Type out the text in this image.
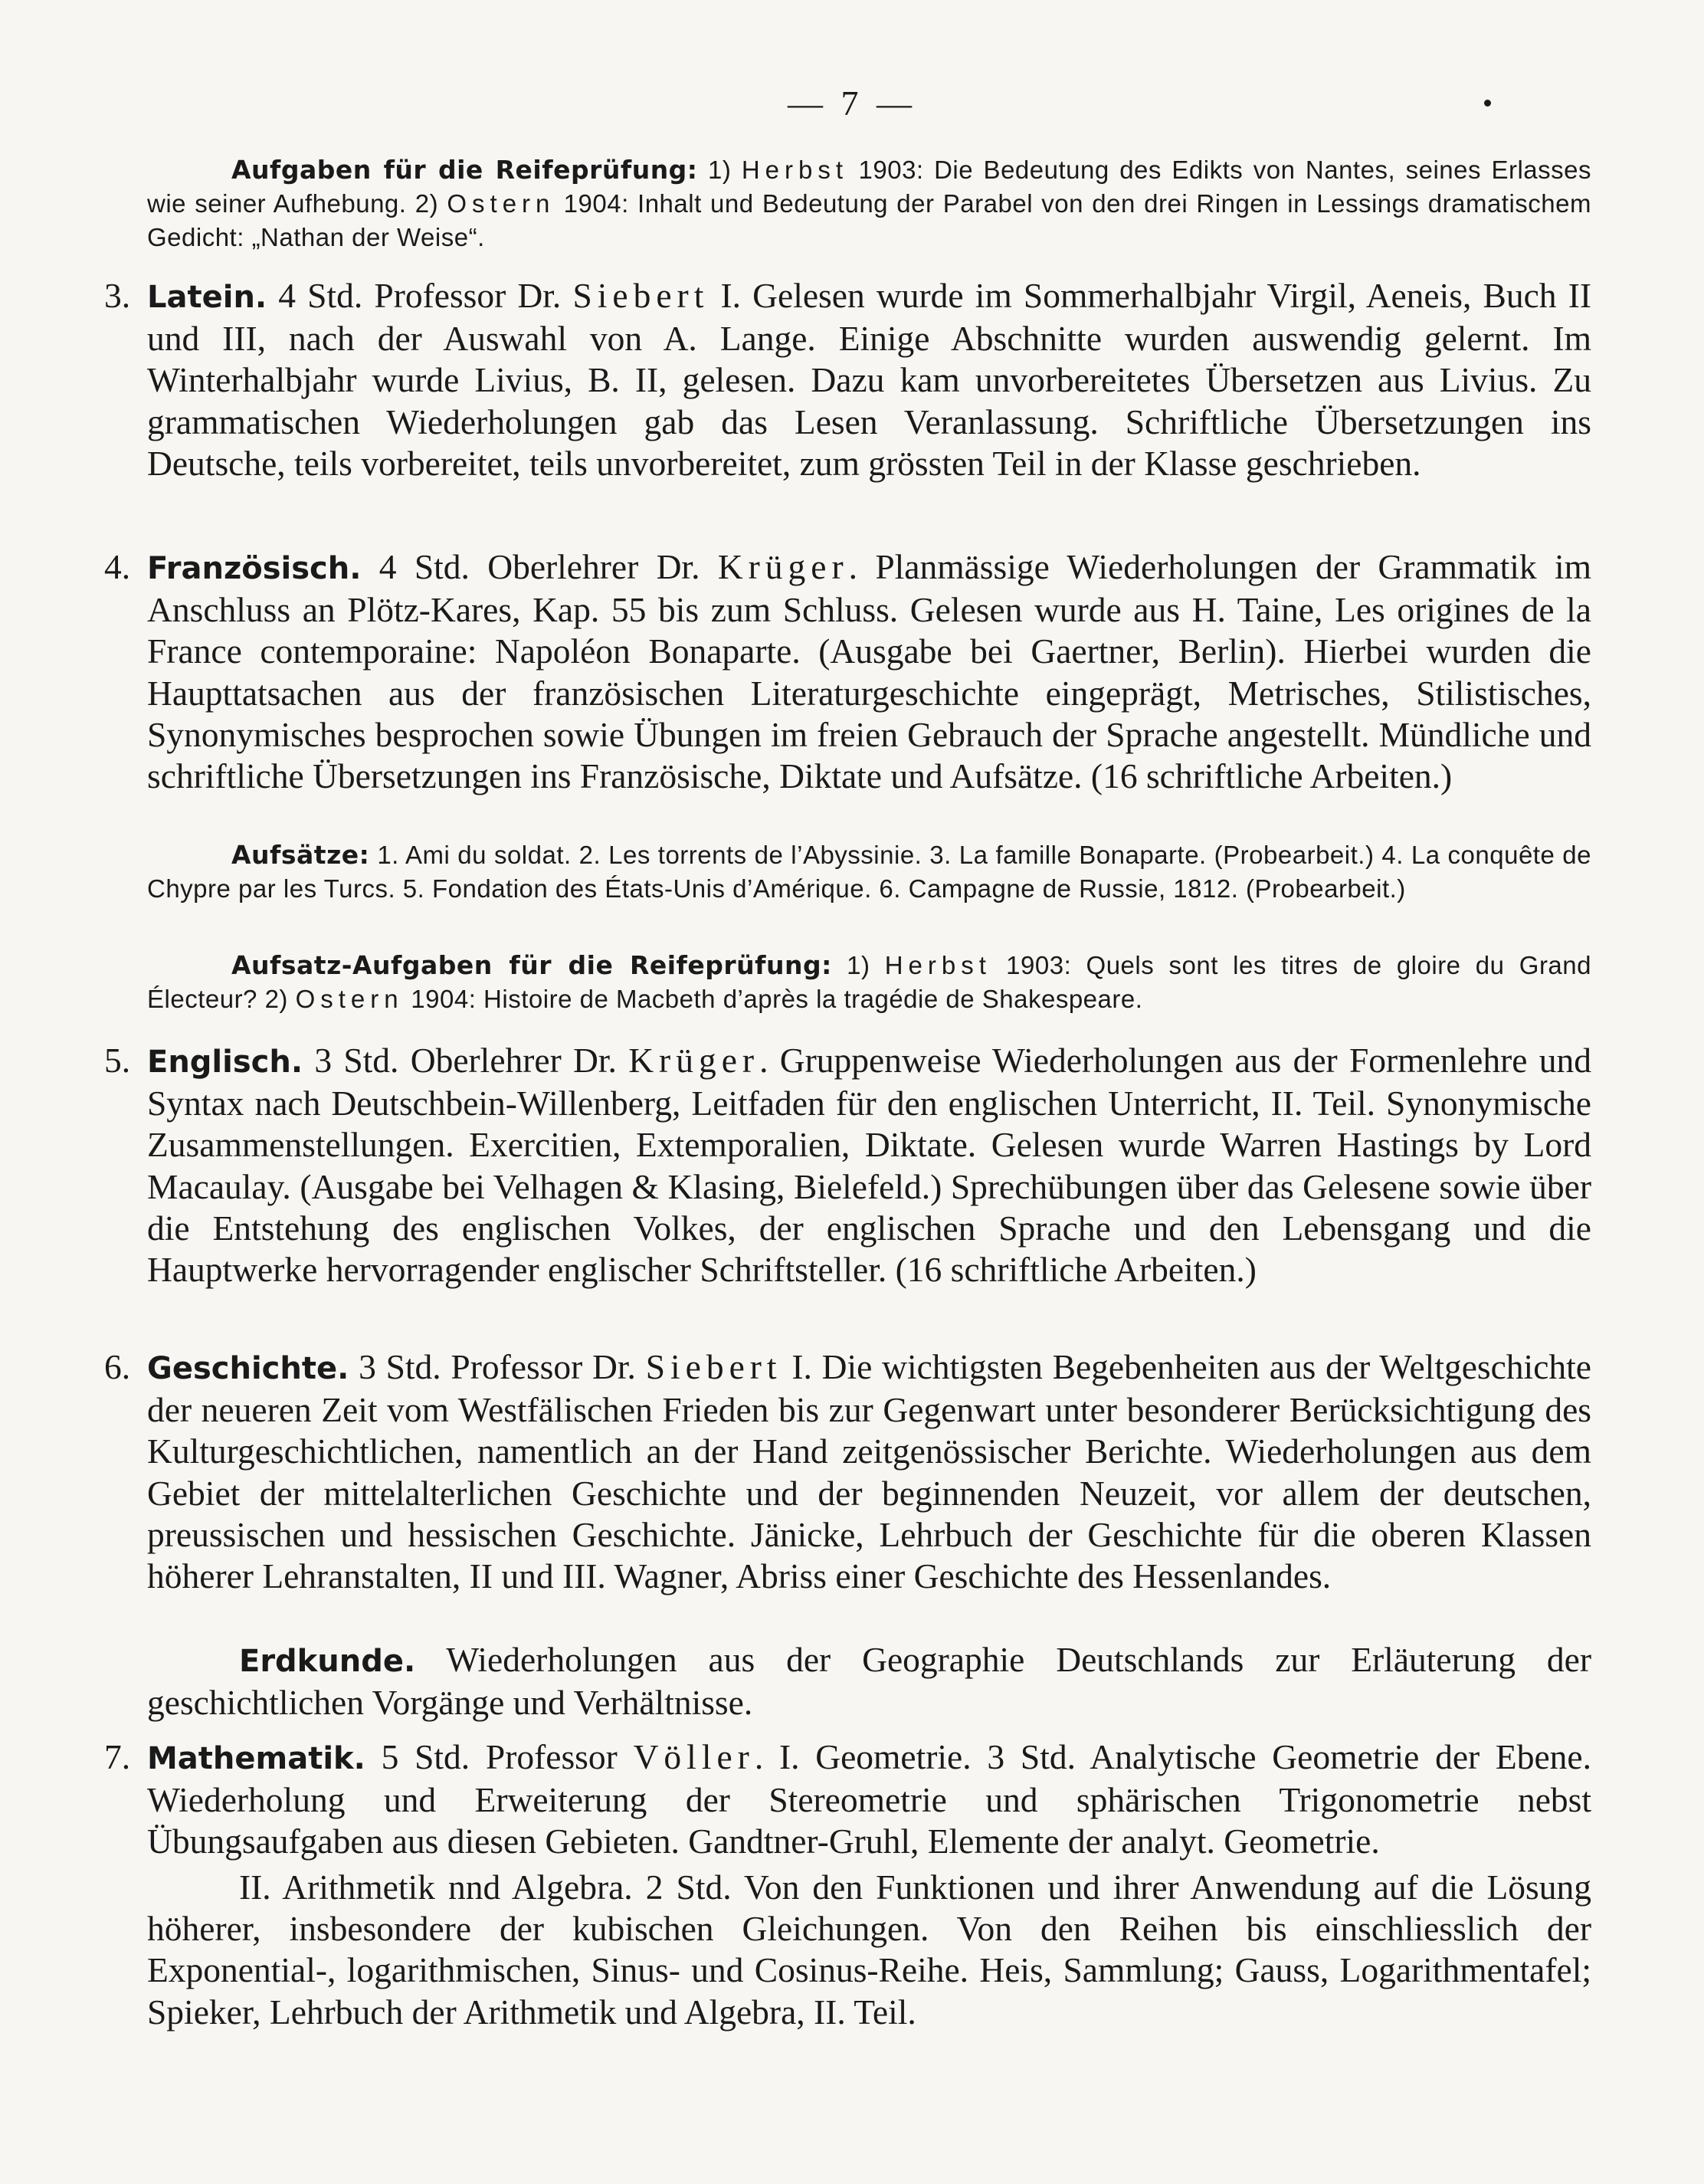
— 7 —

Aufgaben für die Reifeprüfung: 1) Herbst 1903: Die Bedeutung des Edikts von Nantes, seines Erlasses wie seiner Aufhebung. 2) Ostern 1904: Inhalt und Bedeutung der Parabel von den drei Ringen in Lessings dramatischem Gedicht: „Nathan der Weise“.

3. Latein. 4 Std. Professor Dr. Siebert I. Gelesen wurde im Sommerhalbjahr Virgil, Aeneis, Buch II und III, nach der Auswahl von A. Lange. Einige Abschnitte wurden auswendig gelernt. Im Winterhalbjahr wurde Livius, B. II, gelesen. Dazu kam unvorbereitetes Übersetzen aus Livius. Zu grammatischen Wiederholungen gab das Lesen Veranlassung. Schriftliche Übersetzungen ins Deutsche, teils vorbereitet, teils unvorbereitet, zum grössten Teil in der Klasse geschrieben.

4. Französisch. 4 Std. Oberlehrer Dr. Krüger. Planmässige Wiederholungen der Grammatik im Anschluss an Plötz-Kares, Kap. 55 bis zum Schluss. Gelesen wurde aus H. Taine, Les origines de la France contemporaine: Napoléon Bonaparte. (Ausgabe bei Gaertner, Berlin). Hierbei wurden die Haupttatsachen aus der französischen Literaturgeschichte eingeprägt, Metrisches, Stilistisches, Synonymisches besprochen sowie Übungen im freien Gebrauch der Sprache angestellt. Mündliche und schriftliche Übersetzungen ins Französische, Diktate und Aufsätze. (16 schriftliche Arbeiten.)

Aufsätze: 1. Ami du soldat. 2. Les torrents de l’Abyssinie. 3. La famille Bonaparte. (Probearbeit.) 4. La conquête de Chypre par les Turcs. 5. Fondation des États-Unis d’Amérique. 6. Campagne de Russie, 1812. (Probearbeit.)

Aufsatz-Aufgaben für die Reifeprüfung: 1) Herbst 1903: Quels sont les titres de gloire du Grand Électeur? 2) Ostern 1904: Histoire de Macbeth d’après la tragédie de Shakespeare.

5. Englisch. 3 Std. Oberlehrer Dr. Krüger. Gruppenweise Wiederholungen aus der Formenlehre und Syntax nach Deutschbein-Willenberg, Leitfaden für den englischen Unterricht, II. Teil. Synonymische Zusammenstellungen. Exercitien, Extemporalien, Diktate. Gelesen wurde Warren Hastings by Lord Macaulay. (Ausgabe bei Velhagen & Klasing, Bielefeld.) Sprechübungen über das Gelesene sowie über die Entstehung des englischen Volkes, der englischen Sprache und den Lebensgang und die Hauptwerke hervorragender englischer Schriftsteller. (16 schriftliche Arbeiten.)

6. Geschichte. 3 Std. Professor Dr. Siebert I. Die wichtigsten Begebenheiten aus der Weltgeschichte der neueren Zeit vom Westfälischen Frieden bis zur Gegenwart unter besonderer Berücksichtigung des Kulturgeschichtlichen, namentlich an der Hand zeitgenössischer Berichte. Wiederholungen aus dem Gebiet der mittelalterlichen Geschichte und der beginnenden Neuzeit, vor allem der deutschen, preussischen und hessischen Geschichte. Jänicke, Lehrbuch der Geschichte für die oberen Klassen höherer Lehranstalten, II und III. Wagner, Abriss einer Geschichte des Hessenlandes.

Erdkunde. Wiederholungen aus der Geographie Deutschlands zur Erläuterung der geschichtlichen Vorgänge und Verhältnisse.

7. Mathematik. 5 Std. Professor Völler. I. Geometrie. 3 Std. Analytische Geometrie der Ebene. Wiederholung und Erweiterung der Stereometrie und sphärischen Trigonometrie nebst Übungsaufgaben aus diesen Gebieten. Gandtner-Gruhl, Elemente der analyt. Geometrie.

II. Arithmetik nnd Algebra. 2 Std. Von den Funktionen und ihrer Anwendung auf die Lösung höherer, insbesondere der kubischen Gleichungen. Von den Reihen bis einschliesslich der Exponential-, logarithmischen, Sinus- und Cosinus-Reihe. Heis, Sammlung; Gauss, Logarithmentafel; Spieker, Lehrbuch der Arithmetik und Algebra, II. Teil.
